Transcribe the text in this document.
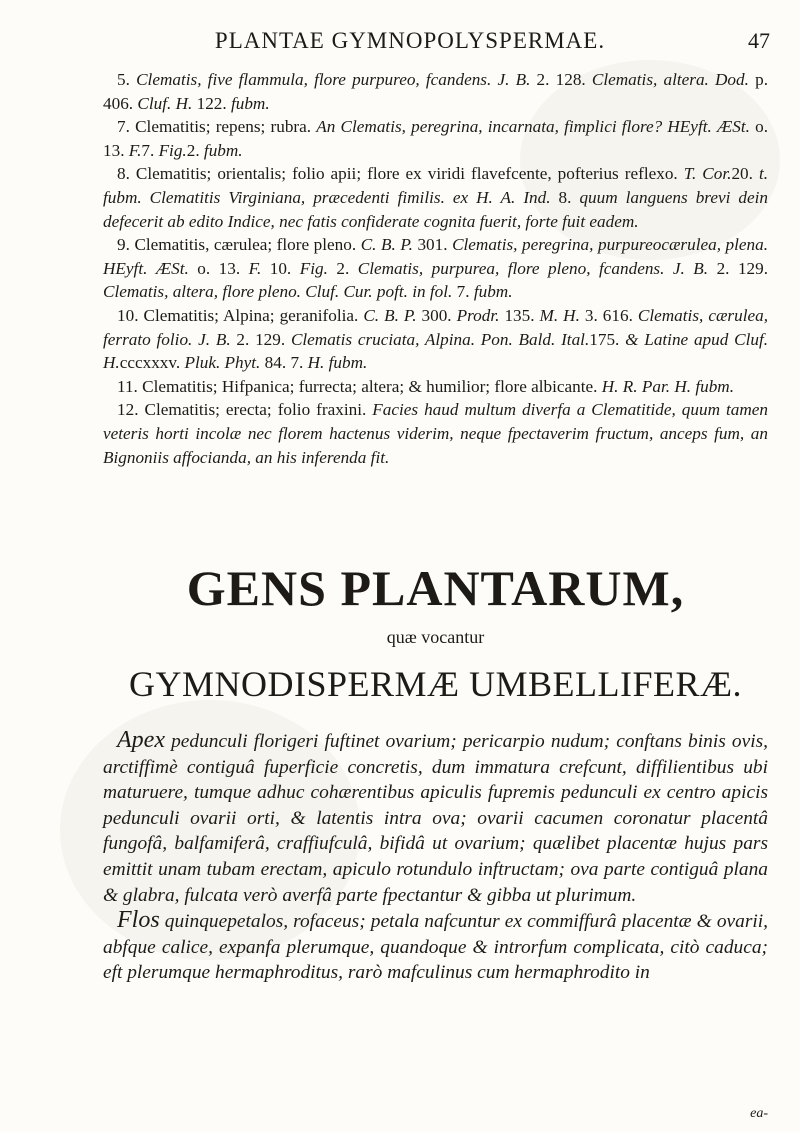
PLANTAE GYMNOPOLYSPERMAE.	47

5. Clematis, five flammula, flore purpureo, fcandens. J. B. 2. 128. Clematis, altera. Dod. p. 406. Cluf. H. 122. fubm.

7. Clematitis; repens; rubra. An Clematis, peregrina, incarnata, fimplici flore? HEyft. ÆSt. o. 13. F.7. Fig.2. fubm.

8. Clematitis; orientalis; folio apii; flore ex viridi flavefcente, pofterius reflexo. T. Cor.20. t. fubm. Clematitis Virginiana, præcedenti fimilis. ex H. A. Ind. 8. quum languens brevi dein defecerit ab edito Indice, nec fatis confiderate cognita fuerit, forte fuit eadem.

9. Clematitis, cærulea; flore pleno. C. B. P. 301. Clematis, peregrina, purpureocærulea, plena. HEyft. ÆSt. o. 13. F. 10. Fig. 2. Clematis, purpurea, flore pleno, fcandens. J. B. 2. 129. Clematis, altera, flore pleno. Cluf. Cur. poft. in fol. 7. fubm.

10. Clematitis; Alpina; geranifolia. C. B. P. 300. Prodr. 135. M. H. 3. 616. Clematis, cærulea, ferrato folio. J. B. 2. 129. Clematis cruciata, Alpina. Pon. Bald. Ital.175. & Latine apud Cluf. H.cccxxxv. Pluk. Phyt. 84. 7. H. fubm.

11. Clematitis; Hifpanica; furrecta; altera; & humilior; flore albicante. H. R. Par. H. fubm.

12. Clematitis; erecta; folio fraxini. Facies haud multum diverfa a Clematitide, quum tamen veteris horti incolæ nec florem hactenus viderim, neque fpectaverim fructum, anceps fum, an Bignoniis affocianda, an his inferenda fit.

GENS PLANTARUM,
quæ vocantur
GYMNODISPERMÆ UMBELLIFERÆ.

Apex pedunculi florigeri fuftinet ovarium; pericarpio nudum; conftans binis ovis, arctiffimè contiguâ fuperficie concretis, dum immatura crefcunt, diffilientibus ubi maturuere, tumque adhuc cohærentibus apiculis fupremis pedunculi ex centro apicis pedunculi ovarii orti, & latentis intra ova; ovarii cacumen coronatur placentâ fungofâ, balfamiferâ, craffiufculâ, bifidâ ut ovarium; quælibet placentæ hujus pars emittit unam tubam erectam, apiculo rotundulo inftructam; ova parte contiguâ plana & glabra, fulcata verò averfâ parte fpectantur & gibba ut plurimum.

Flos quinquepetalos, rofaceus; petala nafcuntur ex commiffurâ placentæ & ovarii, abfque calice, expanfa plerumque, quandoque & introrfum complicata, citò caduca; eft plerumque hermaphroditus, rarò mafculinus cum hermaphrodito in

ea-
